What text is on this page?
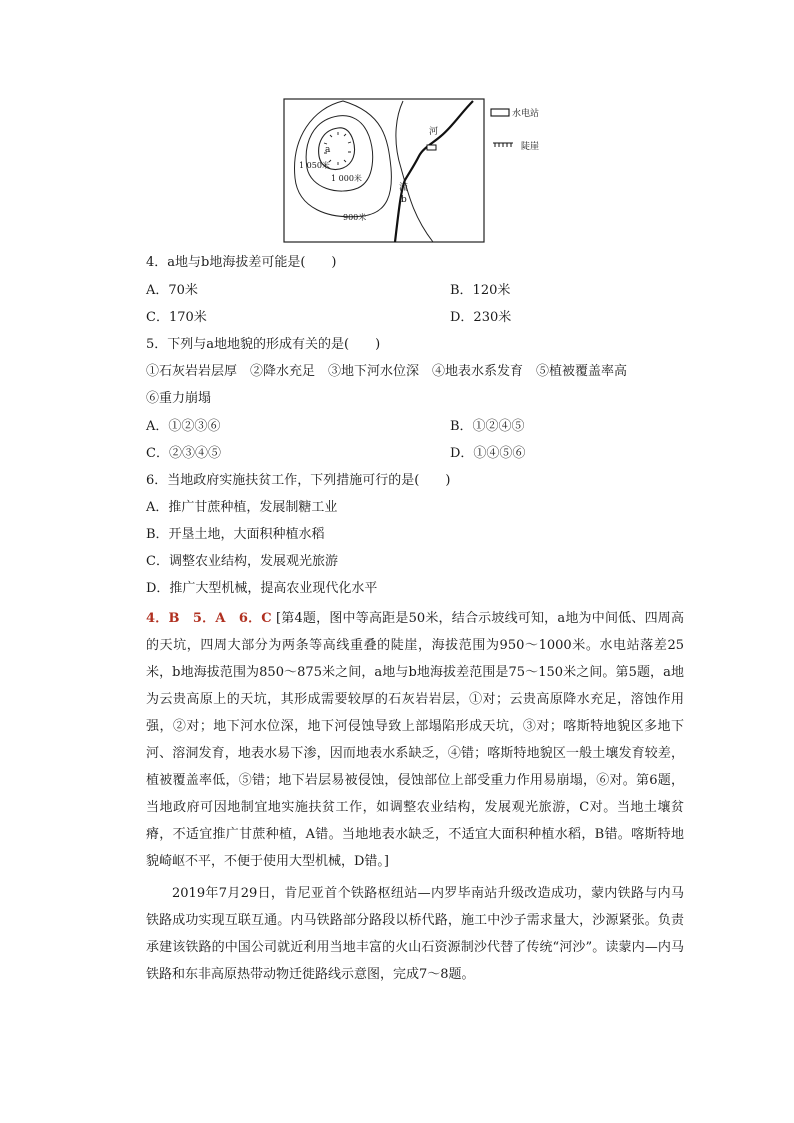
a
1 050米
1 000米
900米
河
流
b
水电站
陡崖
4．a地与b地海拔差可能是(　　)
A．70米	B．120米
C．170米	D．230米
5．下列与a地地貌的形成有关的是(　　)
①石灰岩岩层厚　②降水充足　③地下河水位深　④地表水系发育　⑤植被覆盖率高
⑥重力崩塌
A．①②③⑥	B．①②④⑤
C．②③④⑤	D．①④⑤⑥
6．当地政府实施扶贫工作，下列措施可行的是(　　)
A．推广甘蔗种植，发展制糖工业
B．开垦土地，大面积种植水稻
C．调整农业结构，发展观光旅游
D．推广大型机械，提高农业现代化水平
4．B　5．A　6．C [第4题，图中等高距是50米，结合示坡线可知，a地为中间低、四周高的天坑，四周大部分为两条等高线重叠的陡崖，海拔范围为950～1000米。水电站落差25米，b地海拔范围为850～875米之间，a地与b地海拔差范围是75～150米之间。第5题，a地为云贵高原上的天坑，其形成需要较厚的石灰岩岩层，①对；云贵高原降水充足，溶蚀作用强，②对；地下河水位深，地下河侵蚀导致上部塌陷形成天坑，③对；喀斯特地貌区多地下河、溶洞发育，地表水易下渗，因而地表水系缺乏，④错；喀斯特地貌区一般土壤发育较差，植被覆盖率低，⑤错；地下岩层易被侵蚀，侵蚀部位上部受重力作用易崩塌，⑥对。第6题，当地政府可因地制宜地实施扶贫工作，如调整农业结构，发展观光旅游，C对。当地土壤贫瘠，不适宜推广甘蔗种植，A错。当地地表水缺乏，不适宜大面积种植水稻，B错。喀斯特地貌崎岖不平，不便于使用大型机械，D错。]
2019年7月29日，肯尼亚首个铁路枢纽站—内罗毕南站升级改造成功，蒙内铁路与内马铁路成功实现互联互通。内马铁路部分路段以桥代路，施工中沙子需求量大，沙源紧张。负责承建该铁路的中国公司就近利用当地丰富的火山石资源制沙代替了传统“河沙”。读蒙内—内马铁路和东非高原热带动物迁徙路线示意图，完成7～8题。
